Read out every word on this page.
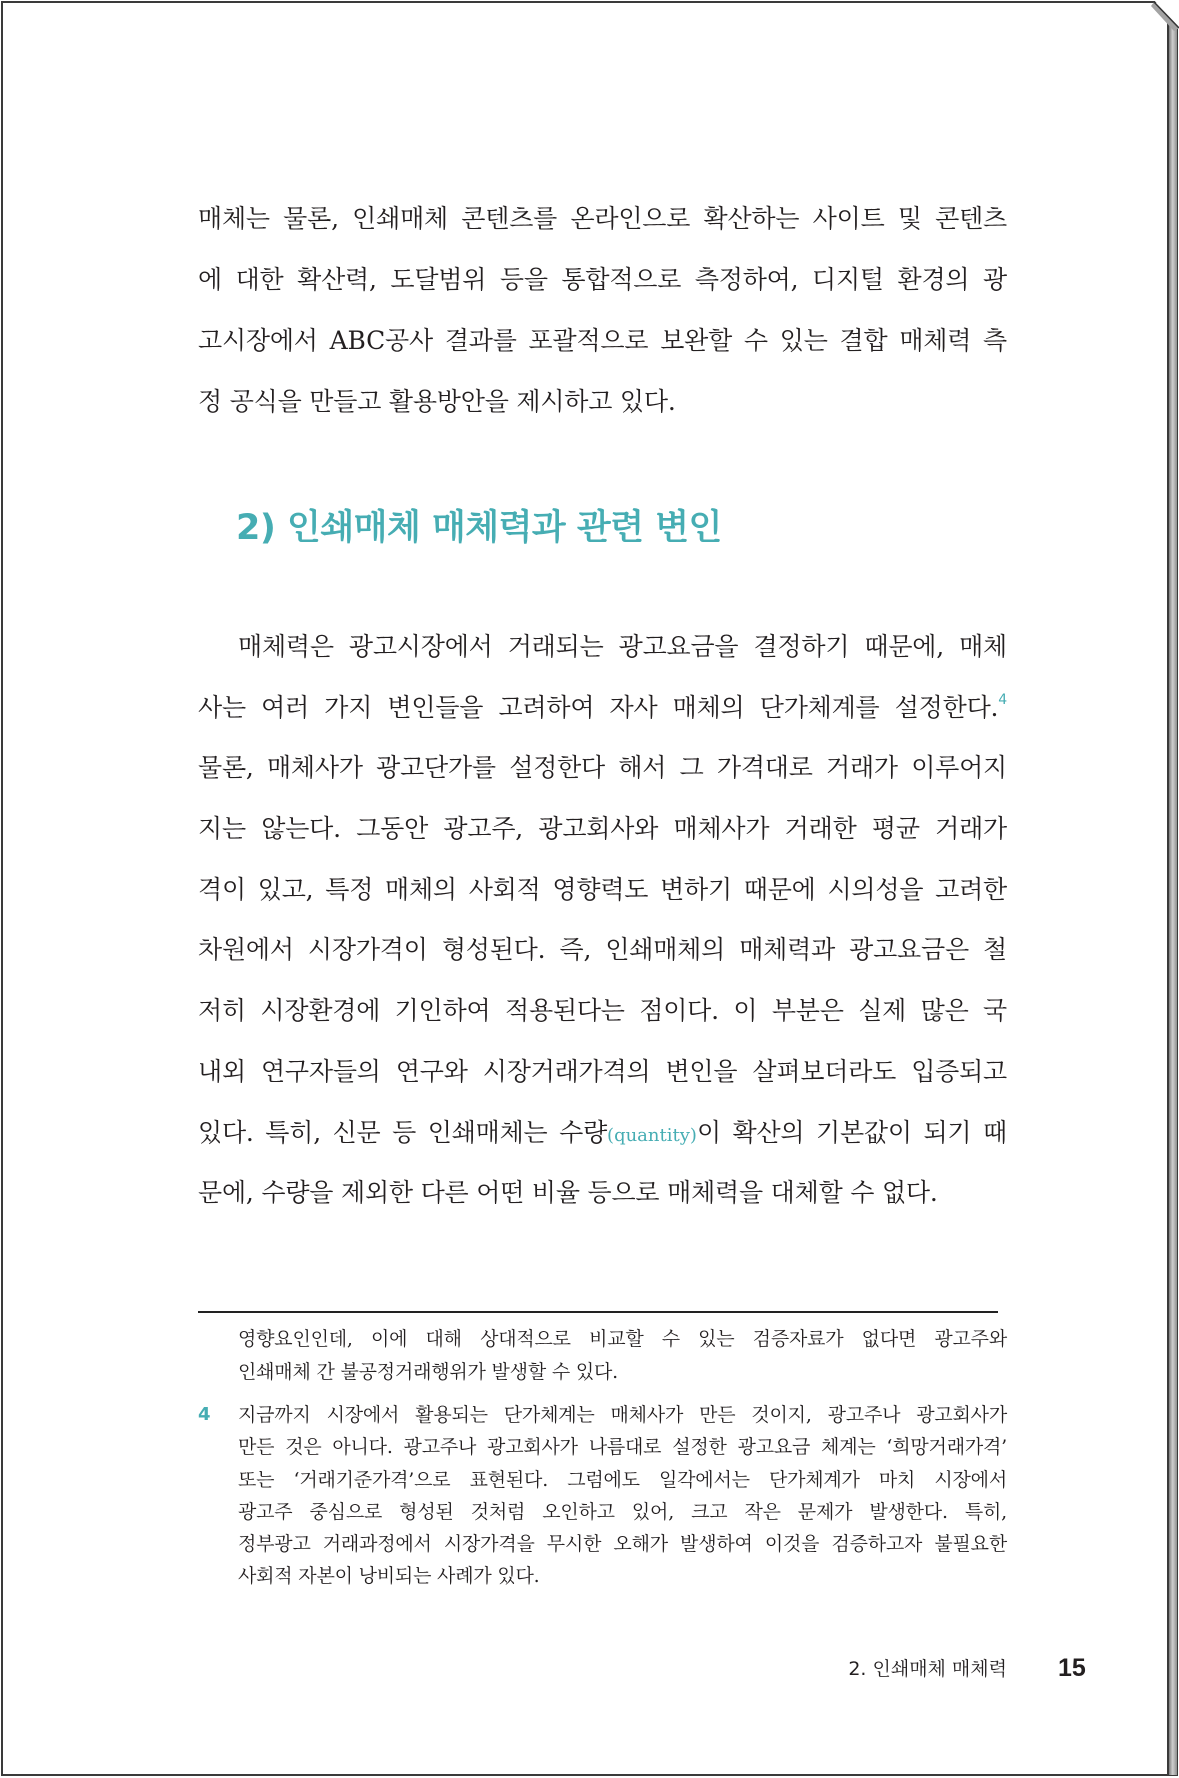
매체는 물론, 인쇄매체 콘텐츠를 온라인으로 확산하는 사이트 및 콘텐츠
에 대한 확산력, 도달범위 등을 통합적으로 측정하여, 디지털 환경의 광
고시장에서 ABC공사 결과를 포괄적으로 보완할 수 있는 결합 매체력 측
정 공식을 만들고 활용방안을 제시하고 있다.
2) 인쇄매체 매체력과 관련 변인
매체력은 광고시장에서 거래되는 광고요금을 결정하기 때문에, 매체
사는 여러 가지 변인들을 고려하여 자사 매체의 단가체계를 설정한다.$^4$
물론, 매체사가 광고단가를 설정한다 해서 그 가격대로 거래가 이루어지
지는 않는다. 그동안 광고주, 광고회사와 매체사가 거래한 평균 거래가
격이 있고, 특정 매체의 사회적 영향력도 변하기 때문에 시의성을 고려한
차원에서 시장가격이 형성된다. 즉, 인쇄매체의 매체력과 광고요금은 철
저히 시장환경에 기인하여 적용된다는 점이다. 이 부분은 실제 많은 국
내외 연구자들의 연구와 시장거래가격의 변인을 살펴보더라도 입증되고
있다. 특히, 신문 등 인쇄매체는 수량(quantity)이 확산의 기본값이 되기 때
문에, 수량을 제외한 다른 어떤 비율 등으로 매체력을 대체할 수 없다.
영향요인인데, 이에 대해 상대적으로 비교할 수 있는 검증자료가 없다면 광고주와
인쇄매체 간 불공정거래행위가 발생할 수 있다.
4 지금까지 시장에서 활용되는 단가체계는 매체사가 만든 것이지, 광고주나 광고회사가
만든 것은 아니다. 광고주나 광고회사가 나름대로 설정한 광고요금 체계는 ‘희망거래가격’
또는 ‘거래기준가격’으로 표현된다. 그럼에도 일각에서는 단가체계가 마치 시장에서
광고주 중심으로 형성된 것처럼 오인하고 있어, 크고 작은 문제가 발생한다. 특히,
정부광고 거래과정에서 시장가격을 무시한 오해가 발생하여 이것을 검증하고자 불필요한
사회적 자본이 낭비되는 사례가 있다.
2. 인쇄매체 매체력 15
